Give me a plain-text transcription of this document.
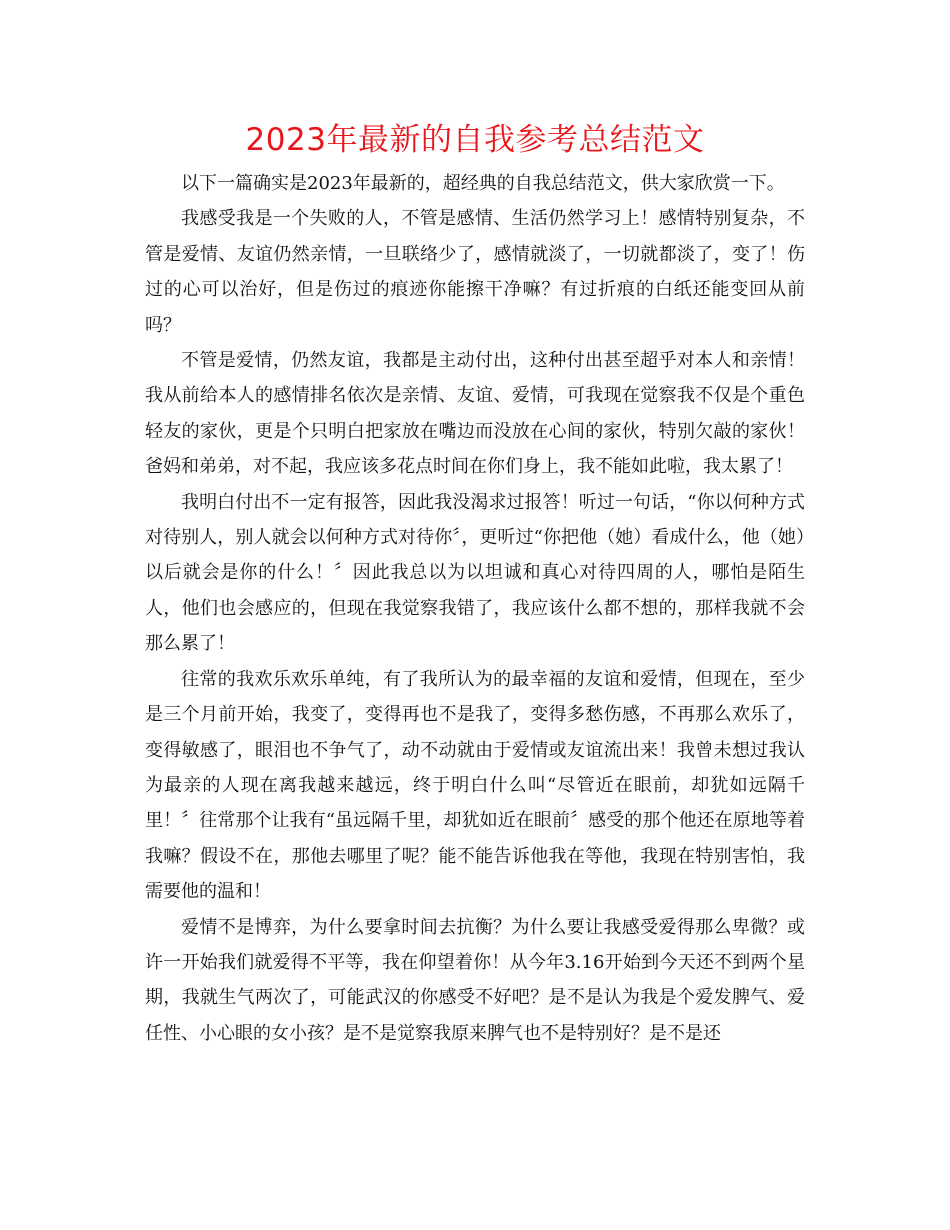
2023年最新的自我参考总结范文

以下一篇确实是2023年最新的，超经典的自我总结范文，供大家欣赏一下。

我感受我是一个失败的人，不管是感情、生活仍然学习上！感情特别复杂，不管是爱情、友谊仍然亲情，一旦联络少了，感情就淡了，一切就都淡了，变了！伤过的心可以治好，但是伤过的痕迹你能擦干净嘛？有过折痕的白纸还能变回从前吗？

不管是爱情，仍然友谊，我都是主动付出，这种付出甚至超乎对本人和亲情！我从前给本人的感情排名依次是亲情、友谊、爱情，可我现在觉察我不仅是个重色轻友的家伙，更是个只明白把家放在嘴边而没放在心间的家伙，特别欠敲的家伙！爸妈和弟弟，对不起，我应该多花点时间在你们身上，我不能如此啦，我太累了！

我明白付出不一定有报答，因此我没渴求过报答！听过一句话，“你以何种方式对待别人，别人就会以何种方式对待你〞，更听过“你把他（她）看成什么，他（她）以后就会是你的什么！〞因此我总以为以坦诚和真心对待四周的人，哪怕是陌生人，他们也会感应的，但现在我觉察我错了，我应该什么都不想的，那样我就不会那么累了！

往常的我欢乐欢乐单纯，有了我所认为的最幸福的友谊和爱情，但现在，至少是三个月前开始，我变了，变得再也不是我了，变得多愁伤感，不再那么欢乐了，变得敏感了，眼泪也不争气了，动不动就由于爱情或友谊流出来！我曾未想过我认为最亲的人现在离我越来越远，终于明白什么叫“尽管近在眼前，却犹如远隔千里！〞往常那个让我有“虽远隔千里，却犹如近在眼前〞感受的那个他还在原地等着我嘛？假设不在，那他去哪里了呢？能不能告诉他我在等他，我现在特别害怕，我需要他的温和！

爱情不是博弈，为什么要拿时间去抗衡？为什么要让我感受爱得那么卑微？或许一开始我们就爱得不平等，我在仰望着你！从今年3.16开始到今天还不到两个星期，我就生气两次了，可能武汉的你感受不好吧？是不是认为我是个爱发脾气、爱任性、小心眼的女小孩？是不是觉察我原来脾气也不是特别好？是不是还
